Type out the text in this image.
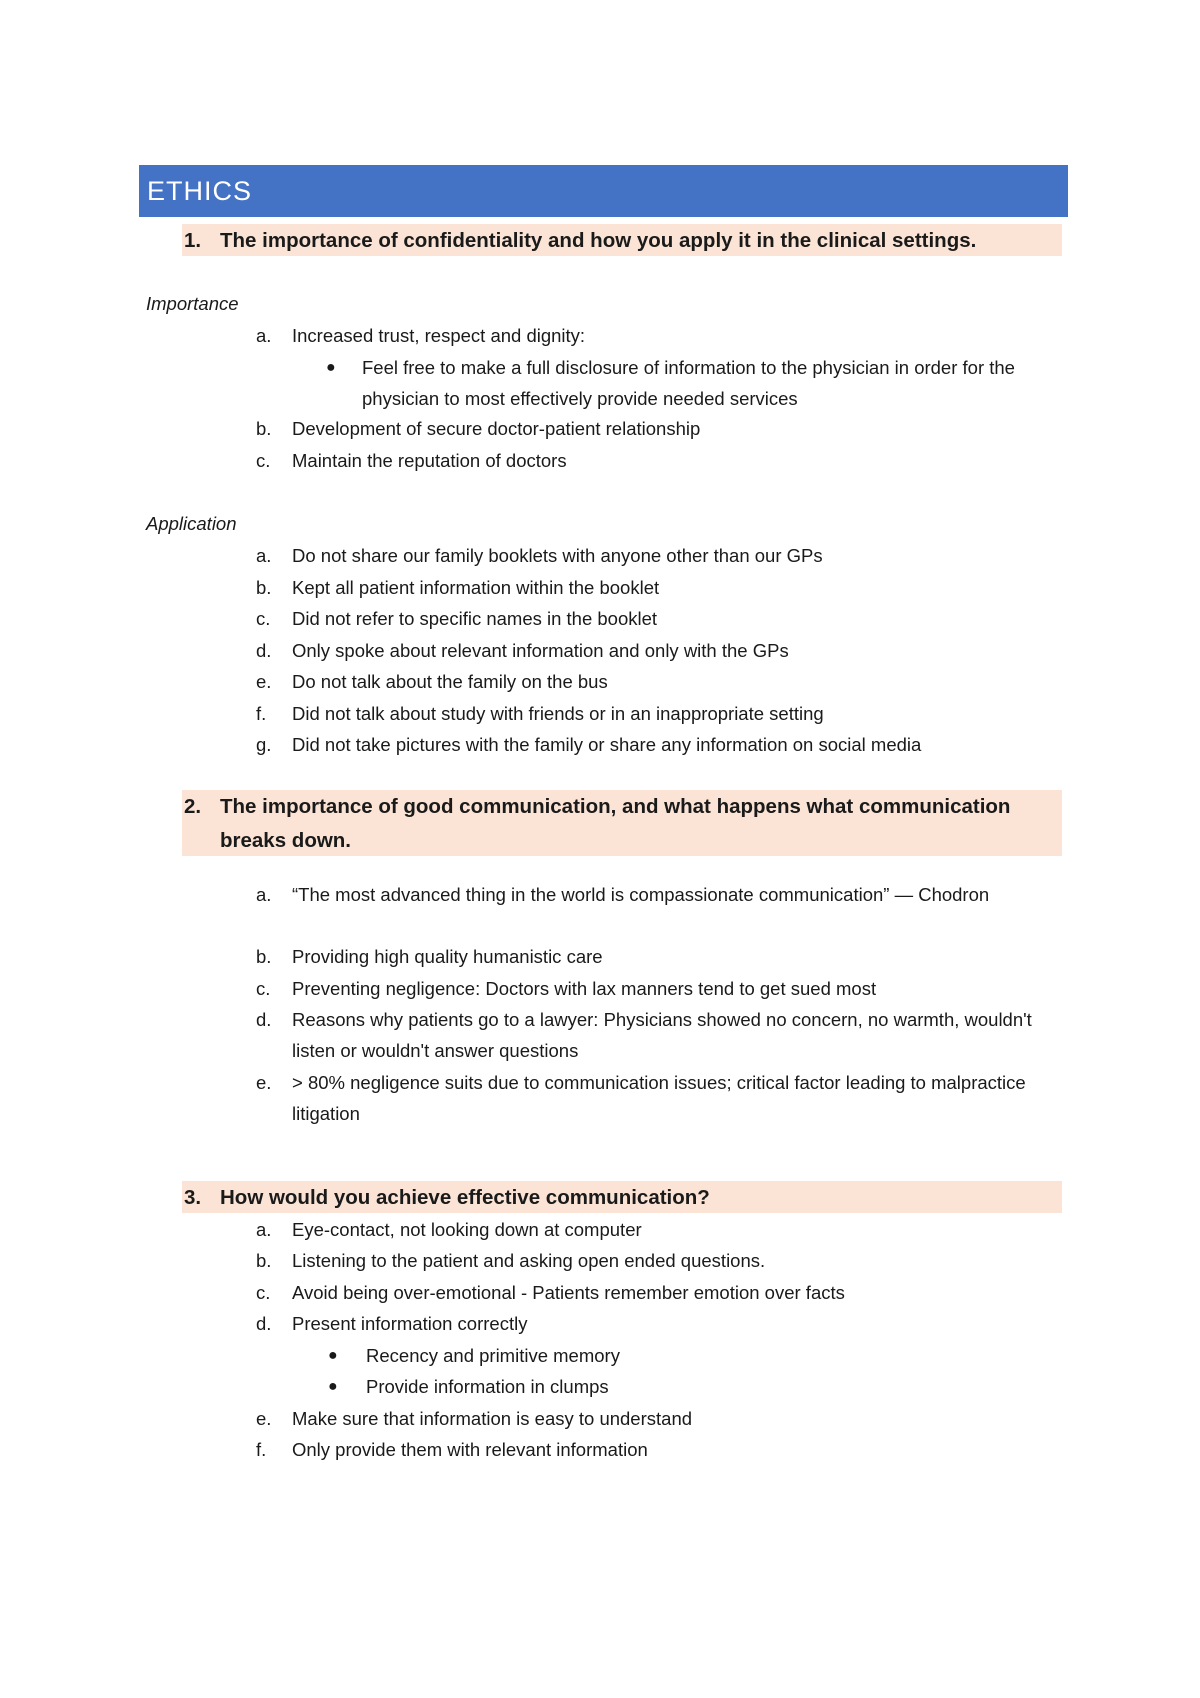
ETHICS
1. The importance of confidentiality and how you apply it in the clinical settings.
Importance
a.	Increased trust, respect and dignity:
●	Feel free to make a full disclosure of information to the physician in order for the physician to most effectively provide needed services
b.	Development of secure doctor-patient relationship
c.	Maintain the reputation of doctors
Application
a.	Do not share our family booklets with anyone other than our GPs
b.	Kept all patient information within the booklet
c.	Did not refer to specific names in the booklet
d.	Only spoke about relevant information and only with the GPs
e.	Do not talk about the family on the bus
f.	Did not talk about study with friends or in an inappropriate setting
g.	Did not take pictures with the family or share any information on social media
2. The importance of good communication, and what happens what communication breaks down.
a.	“The most advanced thing in the world is compassionate communication” — Chodron
b.	Providing high quality humanistic care
c.	Preventing negligence: Doctors with lax manners tend to get sued most
d.	Reasons why patients go to a lawyer: Physicians showed no concern, no warmth, wouldn't listen or wouldn't answer questions
e.	> 80% negligence suits due to communication issues; critical factor leading to malpractice litigation
3. How would you achieve effective communication?
a.	Eye-contact, not looking down at computer
b.	Listening to the patient and asking open ended questions.
c.	Avoid being over-emotional - Patients remember emotion over facts
d.	Present information correctly
●	Recency and primitive memory
●	Provide information in clumps
e.	Make sure that information is easy to understand
f.	Only provide them with relevant information
